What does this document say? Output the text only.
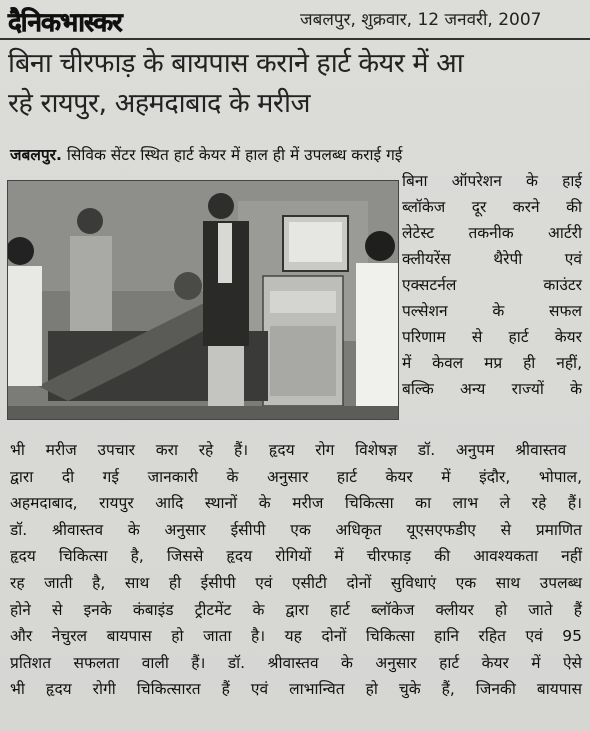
दैनिकभास्कर	जबलपुर, शुक्रवार, 12 जनवरी, 2007
बिना चीरफाड़ के बायपास कराने हार्ट केयर में आ
रहे रायपुर, अहमदाबाद के मरीज
जबलपुर. सिविक सेंटर स्थित हार्ट केयर में हाल ही में उपलब्ध कराई गई
बिना ऑपरेशन के हाई
ब्लॉकेज दूर करने की
लेटेस्ट तकनीक आर्टरी
क्लीयरेंस थैरेपी एवं
एक्सटर्नल काउंटर
पल्सेशन के सफल
परिणाम से हार्ट केयर
में केवल मप्र ही नहीं,
बल्कि अन्य राज्यों के
भी मरीज उपचार करा रहे हैं। हृदय रोग विशेषज्ञ डॉ. अनुपम श्रीवास्तव
द्वारा दी गई जानकारी के अनुसार हार्ट केयर में इंदौर, भोपाल,
अहमदाबाद, रायपुर आदि स्थानों के मरीज चिकित्सा का लाभ ले रहे हैं।
डॉ. श्रीवास्तव के अनुसार ईसीपी एक अधिकृत यूएसएफडीए से प्रमाणित
हृदय चिकित्सा है, जिससे हृदय रोगियों में चीरफाड़ की आवश्यकता नहीं
रह जाती है, साथ ही ईसीपी एवं एसीटी दोनों सुविधाएं एक साथ उपलब्ध
होने से इनके कंबाइंड ट्रीटमेंट के द्वारा हार्ट ब्लॉकेज क्लीयर हो जाते हैं
और नेचुरल बायपास हो जाता है। यह दोनों चिकित्सा हानि रहित एवं 95
प्रतिशत सफलता वाली हैं। डॉ. श्रीवास्तव के अनुसार हार्ट केयर में ऐसे
भी हृदय रोगी चिकित्सारत हैं एवं लाभान्वित हो चुके हैं, जिनकी बायपास
